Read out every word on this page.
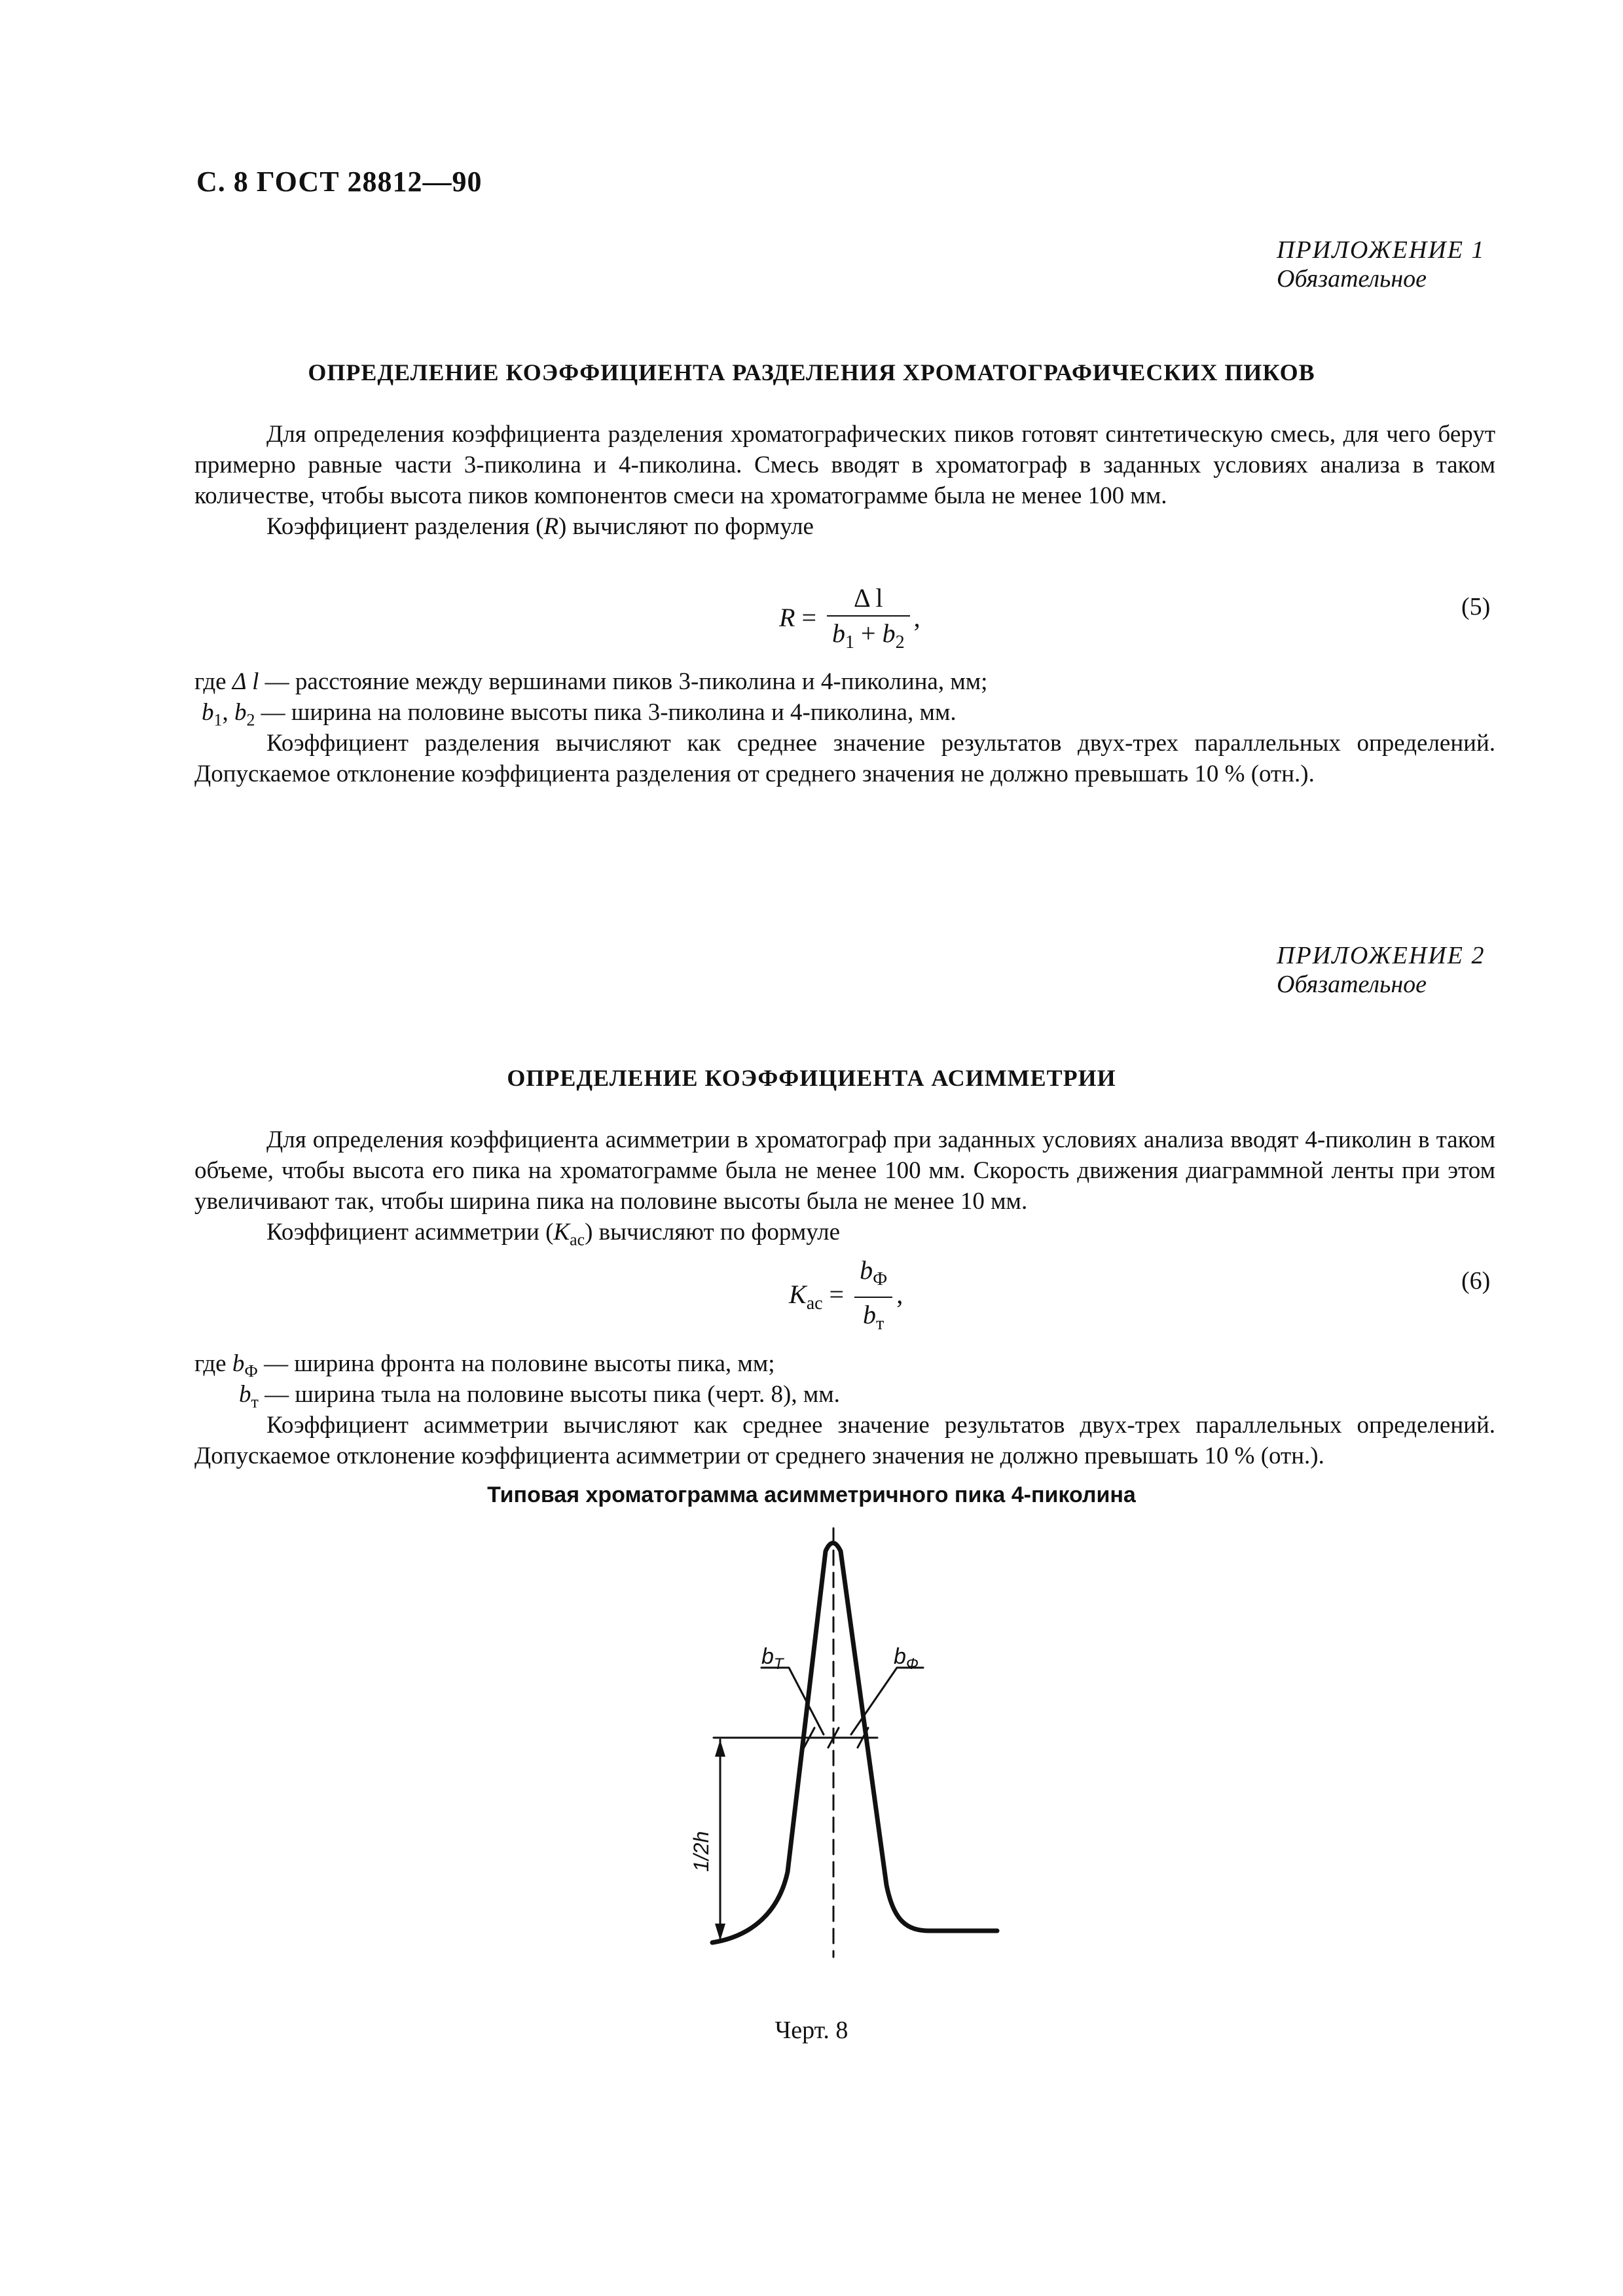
С. 8 ГОСТ 28812—90
ПРИЛОЖЕНИЕ 1
Обязательное
ОПРЕДЕЛЕНИЕ КОЭФФИЦИЕНТА РАЗДЕЛЕНИЯ ХРОМАТОГРАФИЧЕСКИХ ПИКОВ

Для определения коэффициента разделения хроматографических пиков готовят синтетическую смесь, для чего берут примерно равные части 3-пиколина и 4-пиколина. Смесь вводят в хроматограф в заданных условиях анализа в таком количестве, чтобы высота пиков компонентов смеси на хроматограмме была не менее 100 мм.

Коэффициент разделения (R) вычисляют по формуле

$R = \frac{\text{Δ l}}{b_1 + b_2}$ ,	(5)
где Δ l — расстояние между вершинами пиков 3-пиколина и 4-пиколина, мм;
$b_1$, $b_2$ — ширина на половине высоты пика 3-пиколина и 4-пиколина, мм.

Коэффициент разделения вычисляют как среднее значение результатов двух-трех параллельных определений. Допускаемое отклонение коэффициента разделения от среднего значения не должно превышать 10 % (отн.).

ПРИЛОЖЕНИЕ 2
Обязательное
ОПРЕДЕЛЕНИЕ КОЭФФИЦИЕНТА АСИММЕТРИИ

Для определения коэффициента асимметрии в хроматограф при заданных условиях анализа вводят 4-пиколин в таком объеме, чтобы высота его пика на хроматограмме была не менее 100 мм. Скорость движения диаграммной ленты при этом увеличивают так, чтобы ширина пика на половине высоты была не менее 10 мм.

Коэффициент асимметрии $(K_{ас})$ вычисляют по формуле

$K_{ас} = \frac{b_Ф}{b_т}$ ,	(6)
где $b_Ф$ — ширина фронта на половине высоты пика, мм;
$b_т$ — ширина тыла на половине высоты пика (черт. 8), мм.

Коэффициент асимметрии вычисляют как среднее значение результатов двух-трех параллельных определений. Допускаемое отклонение коэффициента асимметрии от среднего значения не должно превышать 10 % (отн.).

Типовая хроматограмма асимметричного пика 4-пиколина
$b_Т$	$b_Ф$
1/2h
Черт. 8
